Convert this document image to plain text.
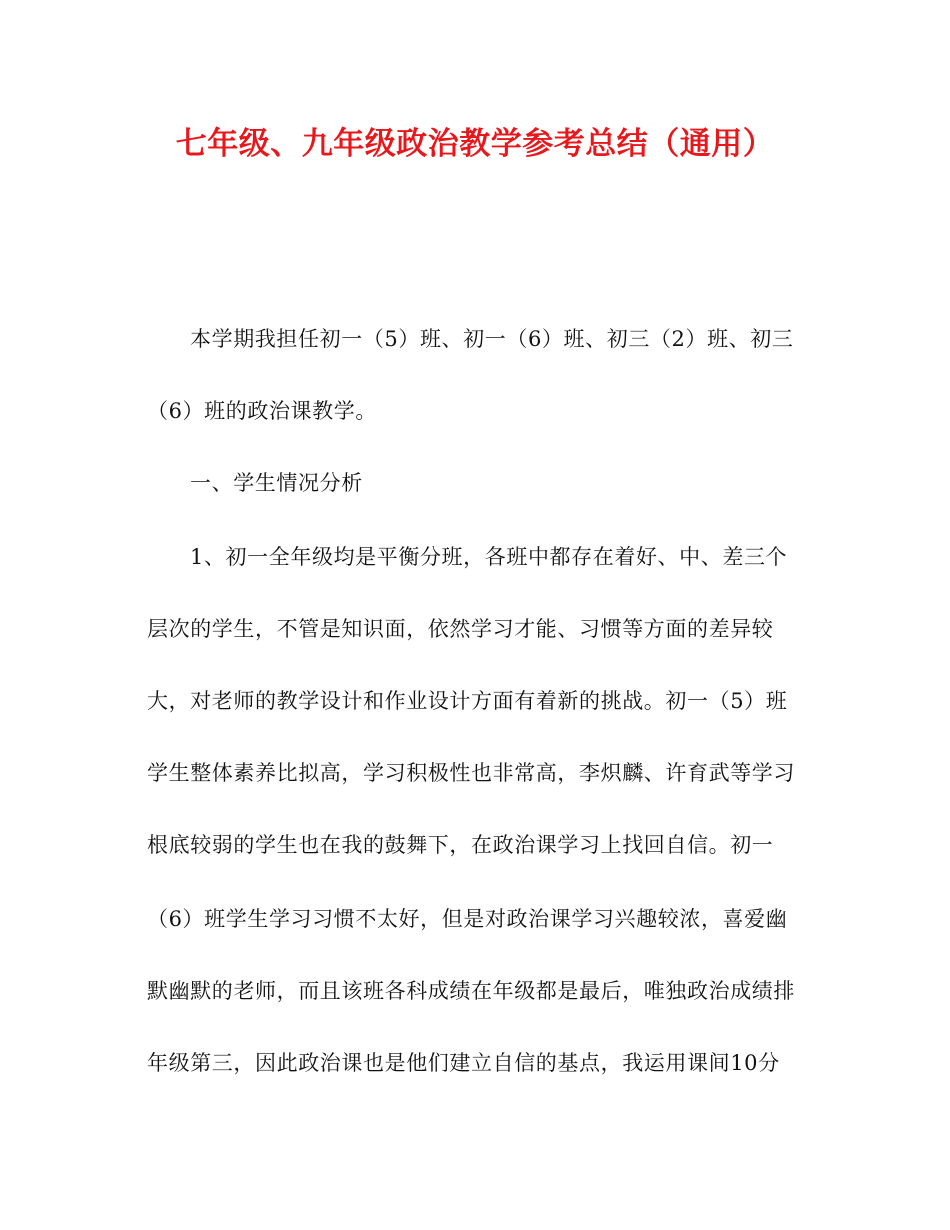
七年级、九年级政治教学参考总结（通用）
本学期我担任初一（5）班、初一（6）班、初三（2）班、初三
（6）班的政治课教学。
一、学生情况分析
1、初一全年级均是平衡分班，各班中都存在着好、中、差三个
层次的学生，不管是知识面，依然学习才能、习惯等方面的差异较
大，对老师的教学设计和作业设计方面有着新的挑战。初一（5）班
学生整体素养比拟高，学习积极性也非常高，李炽麟、许育武等学习
根底较弱的学生也在我的鼓舞下，在政治课学习上找回自信。初一
（6）班学生学习习惯不太好，但是对政治课学习兴趣较浓，喜爱幽
默幽默的老师，而且该班各科成绩在年级都是最后，唯独政治成绩排
年级第三，因此政治课也是他们建立自信的基点，我运用课间10分
